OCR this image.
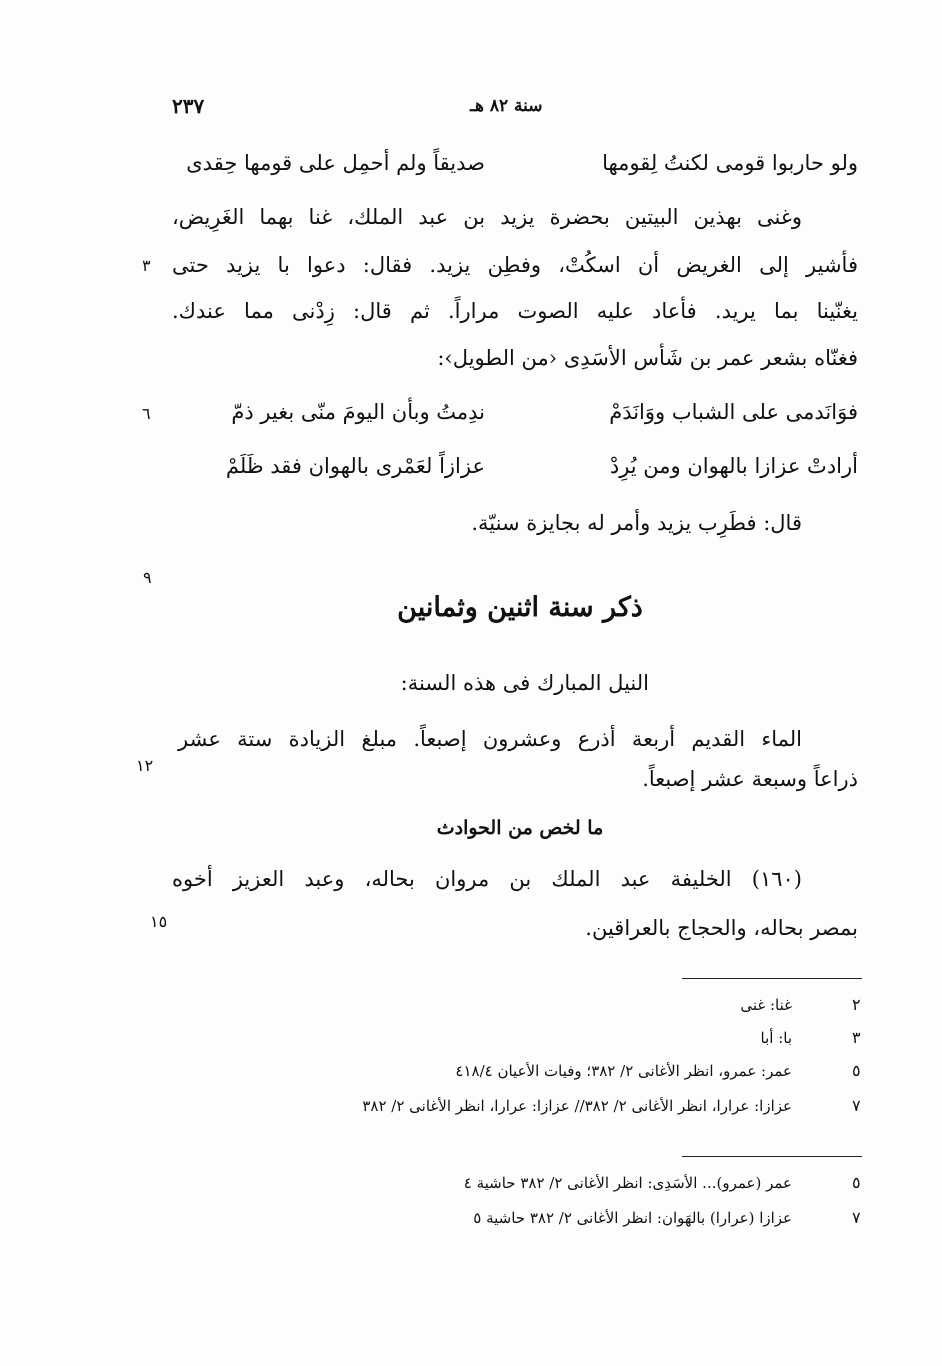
٢٣٧	سنة ٨٢ هـ
ولو حاربوا قومى لكنتُ لِقومها
صديقاً ولم أحمِل على قومها حِقدى
وغنى بهذين البيتين بحضرة يزيد بن عبد الملك، غنا بهما الغَرِيض،
فأشير إلى الغريض أن اسكُتْ، وفطِن يزيد. فقال: دعوا با يزيد حتى
يغنّينا بما يريد. فأعاد عليه الصوت مراراً. ثم قال: زِدْنى مما عندك.
فغنّاه بشعر عمر بن شَأس الأسَدِى ‹من الطويل›:
فوَانَدمى على الشباب ووَانَدَمْ
ندِمتُ وبأن اليومَ منّى بغير ذمّ
أرادتْ عزازا بالهوان ومن يُرِدْ
عزازاً لعَمْرى بالهوان فقد ظَلَمْ
قال: فطَرِب يزيد وأمر له بجايزة سنيّة.
٣
٦
٩
١٢
١٥
ذكر سنة اثنين وثمانين
النيل المبارك فى هذه السنة:
الماء القديم أربعة أذرع وعشرون إصبعاً. مبلغ الزيادة ستة عشر
ذراعاً وسبعة عشر إصبعاً.
ما لخص من الحوادث
(١٦٠) الخليفة عبد الملك بن مروان بحاله، وعبد العزيز أخوه
بمصر بحاله، والحجاج بالعراقين.
٢
غنا: غنى
٣
با: أبا
٥
عمر: عمرو، انظر الأغانى ٢/ ٣٨٢؛ وفيات الأعيان ٤١٨/٤
٧
عزازا: عرارا، انظر الأغانى ٢/ ٣٨٢// عزازا: عرارا، انظر الأغانى ٢/ ٣٨٢
٥
عمر (عمرو)... الأسَدِى: انظر الأغانى ٢/ ٣٨٢ حاشية ٤
٧
عزازا (عرارا) بالهَوان: انظر الأغانى ٢/ ٣٨٢ حاشية ٥
